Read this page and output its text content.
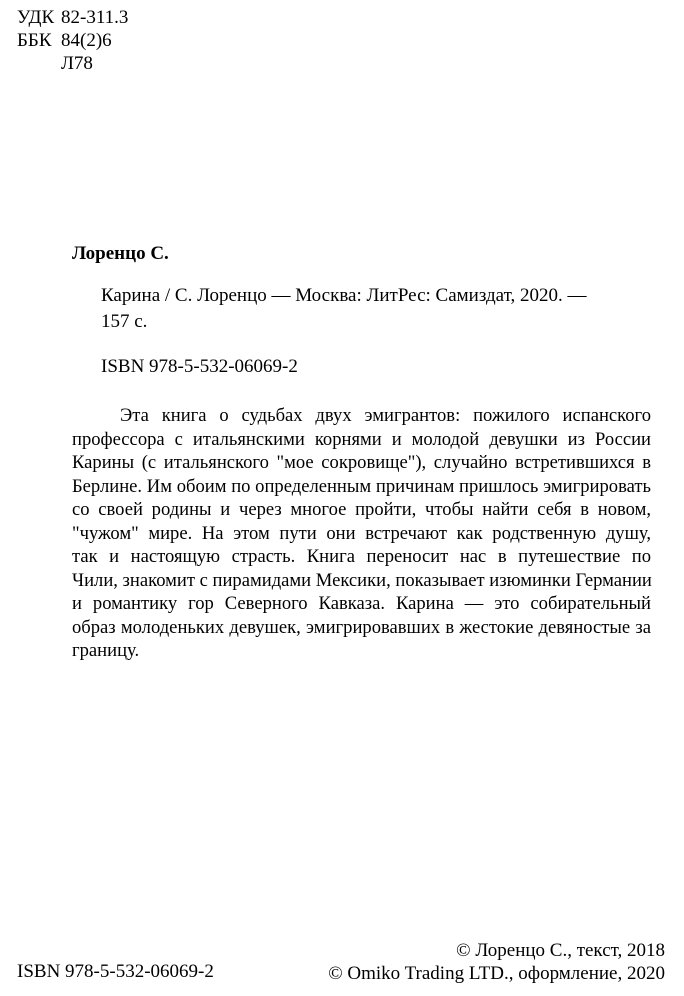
УДК 82-311.3
ББК 84(2)6
Л78
Лоренцо С.
Карина / С. Лоренцо — Москва: ЛитРес: Самиздат, 2020. —
157 с.
ISBN 978-5-532-06069-2
Эта книга о судьбах двух эмигрантов: пожилого испанского
профессора с итальянскими корнями и молодой девушки из России
Карины (с итальянского "мое сокровище"), случайно встретившихся в
Берлине. Им обоим по определенным причинам пришлось эмигрировать
со своей родины и через многое пройти, чтобы найти себя в новом,
"чужом" мире. На этом пути они встречают как родственную душу,
так и настоящую страсть. Книга переносит нас в путешествие по
Чили, знакомит с пирамидами Мексики, показывает изюминки Германии
и романтику гор Северного Кавказа. Карина — это собирательный
образ молоденьких девушек, эмигрировавших в жестокие девяностые за
границу.
ISBN 978-5-532-06069-2
© Лоренцо С., текст, 2018
© Omiko Trading LTD., оформление, 2020
